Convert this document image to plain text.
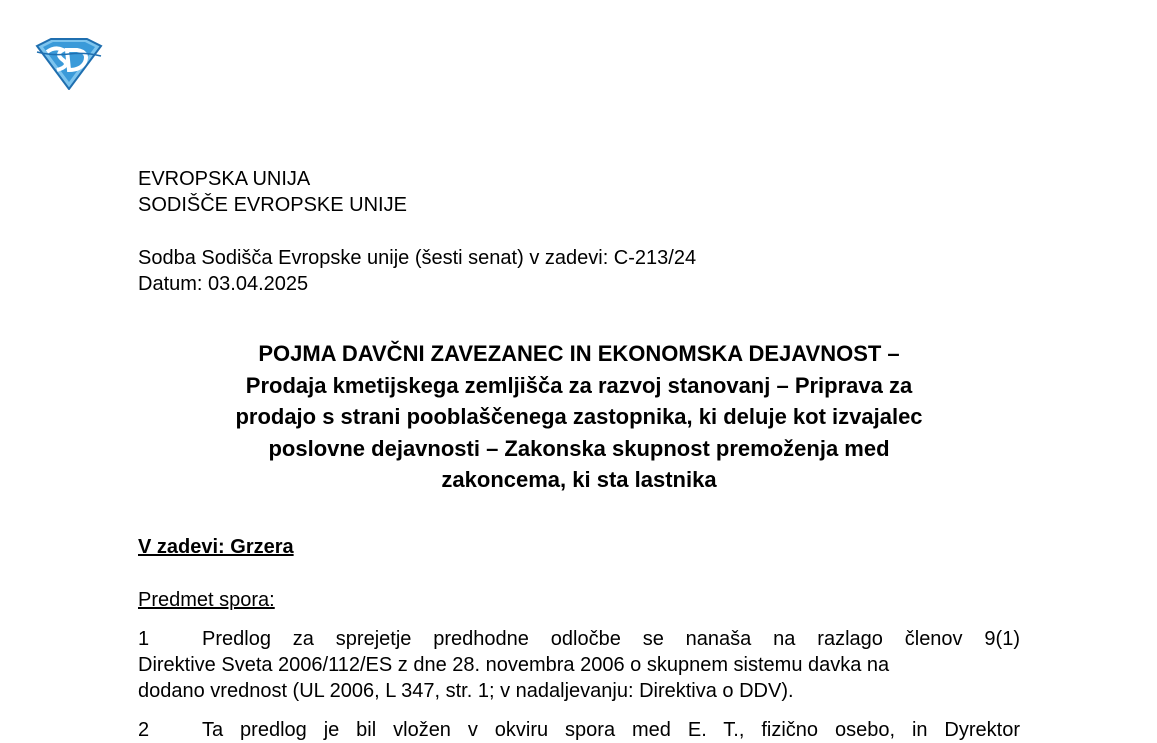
EVROPSKA UNIJA
SODIŠČE EVROPSKE UNIJE
Sodba Sodišča Evropske unije (šesti senat) v zadevi: C-213/24
Datum: 03.04.2025
POJMA DAVČNI ZAVEZANEC IN EKONOMSKA DEJAVNOST –
Prodaja kmetijskega zemljišča za razvoj stanovanj – Priprava za
prodajo s strani pooblaščenega zastopnika, ki deluje kot izvajalec
poslovne dejavnosti – Zakonska skupnost premoženja med
zakoncema, ki sta lastnika
V zadevi: Grzera
Predmet spora:
1	Predlog za sprejetje predhodne odločbe se nanaša na razlago členov 9(1)
Direktive Sveta 2006/112/ES z dne 28. novembra 2006 o skupnem sistemu davka na
dodano vrednost (UL 2006, L 347, str. 1; v nadaljevanju: Direktiva o DDV).
2	Ta predlog je bil vložen v okviru spora med E. T., fizično osebo, in Dyrektor
